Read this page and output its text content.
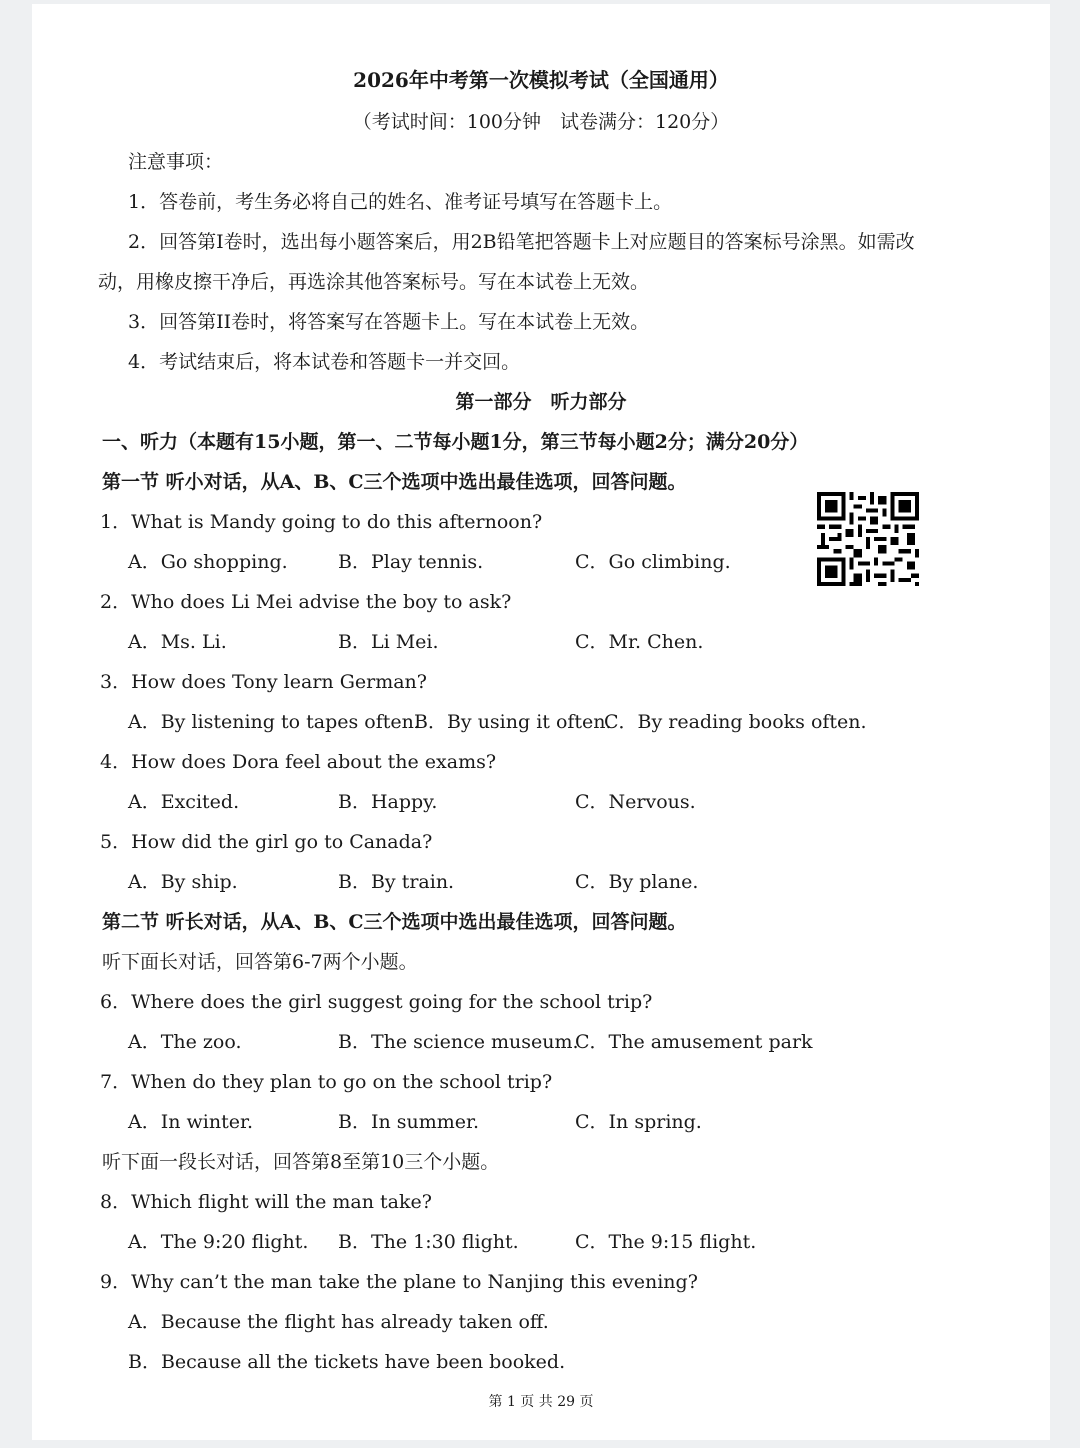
2026年中考第一次模拟考试（全国通用）
（考试时间：100分钟　试卷满分：120分）
注意事项：
1．答卷前，考生务必将自己的姓名、准考证号填写在答题卡上。
2．回答第I卷时，选出每小题答案后，用2B铅笔把答题卡上对应题目的答案标号涂黑。如需改
动，用橡皮擦干净后，再选涂其他答案标号。写在本试卷上无效。
3．回答第II卷时，将答案写在答题卡上。写在本试卷上无效。
4．考试结束后，将本试卷和答题卡一并交回。
第一部分　听力部分
一、听力（本题有15小题，第一、二节每小题1分，第三节每小题2分；满分20分）
第一节 听小对话，从A、B、C三个选项中选出最佳选项，回答问题。
1．What is Mandy going to do this afternoon?
A．Go shopping.	B．Play tennis.	C．Go climbing.
2．Who does Li Mei advise the boy to ask?
A．Ms. Li.	B．Li Mei.	C．Mr. Chen.
3．How does Tony learn German?
A．By listening to tapes often.
B．By using it often.
C．By reading books often.
4．How does Dora feel about the exams?
A．Excited.	B．Happy.	C．Nervous.
5．How did the girl go to Canada?
A．By ship.	B．By train.	C．By plane.
第二节 听长对话，从A、B、C三个选项中选出最佳选项，回答问题。
听下面长对话，回答第6-7两个小题。
6．Where does the girl suggest going for the school trip?
A．The zoo.	B．The science museum.
C．The amusement park
7．When do they plan to go on the school trip?
A．In winter.	B．In summer.	C．In spring.
听下面一段长对话，回答第8至第10三个小题。
8．Which flight will the man take?
A．The 9:20 flight. B．The 1:30 flight.	C．The 9:15 flight.
9．Why can’t the man take the plane to Nanjing this evening?
A．Because the flight has already taken off.
B．Because all the tickets have been booked.
第 1 页 共 29 页
